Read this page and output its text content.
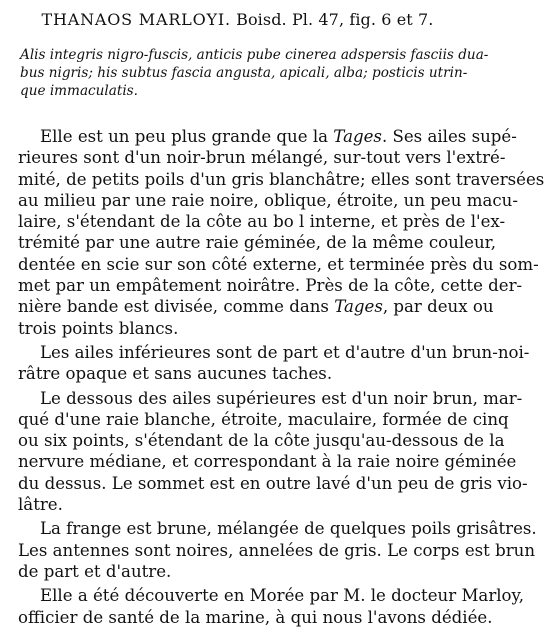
THANAOS MARLOYI. Boisd. Pl. 47, fig. 6 et 7.
Alis integris nigro-fuscis, anticis pube cinerea adspersis fasciis dua-
bus nigris; his subtus fascia angusta, apicali, alba; posticis utrin-
que immaculatis.
Elle est un peu plus grande que la Tages. Ses ailes supé-
rieures sont d'un noir-brun mélangé, sur-tout vers l'extré-
mité, de petits poils d'un gris blanchâtre; elles sont traversées
au milieu par une raie noire, oblique, étroite, un peu macu-
laire, s'étendant de la côte au bo l interne, et près de l'ex-
trémité par une autre raie géminée, de la même couleur,
dentée en scie sur son côté externe, et terminée près du som-
met par un empâtement noirâtre. Près de la côte, cette der-
nière bande est divisée, comme dans Tages, par deux ou
trois points blancs.
Les ailes inférieures sont de part et d'autre d'un brun-noi-
râtre opaque et sans aucunes taches.
Le dessous des ailes supérieures est d'un noir brun, mar-
qué d'une raie blanche, étroite, maculaire, formée de cinq
ou six points, s'étendant de la côte jusqu'au-dessous de la
nervure médiane, et correspondant à la raie noire géminée
du dessus. Le sommet est en outre lavé d'un peu de gris vio-
lâtre.
La frange est brune, mélangée de quelques poils grisâtres.
Les antennes sont noires, annelées de gris. Le corps est brun
de part et d'autre.
Elle a été découverte en Morée par M. le docteur Marloy,
officier de santé de la marine, à qui nous l'avons dédiée.
